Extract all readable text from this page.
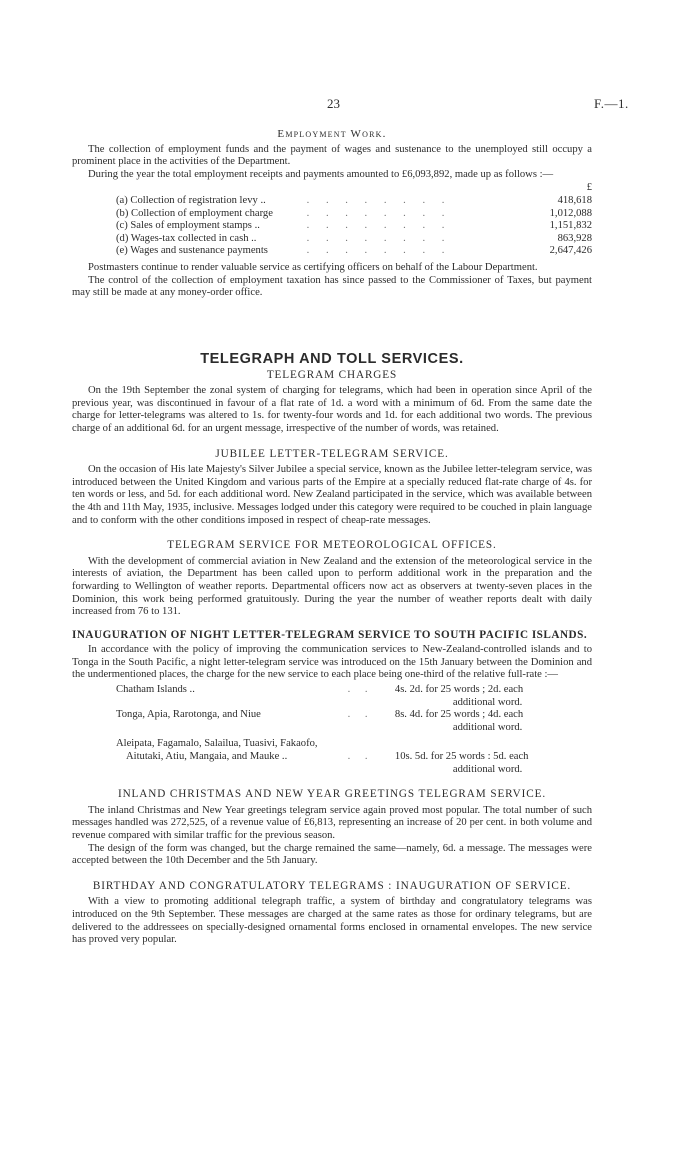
23	F.—1.
Employment Work.

The collection of employment funds and the payment of wages and sustenance to the unemployed still occupy a prominent place in the activities of the Department.

During the year the total employment receipts and payments amounted to £6,093,892, made up as follows :—

		£
(a) Collection of registration levy ..	. . . . . . . .	418,618
(b) Collection of employment charge	. . . . . . . .	1,012,088
(c) Sales of employment stamps ..	. . . . . . . .	1,151,832
(d) Wages-tax collected in cash ..	. . . . . . . .	863,928
(e) Wages and sustenance payments	. . . . . . . .	2,647,426

Postmasters continue to render valuable service as certifying officers on behalf of the Labour Department.

The control of the collection of employment taxation has since passed to the Commissioner of Taxes, but payment may still be made at any money-order office.

TELEGRAPH AND TOLL SERVICES.
TELEGRAM CHARGES

On the 19th September the zonal system of charging for telegrams, which had been in operation since April of the previous year, was discontinued in favour of a flat rate of 1d. a word with a minimum of 6d. From the same date the charge for letter-telegrams was altered to 1s. for twenty-four words and 1d. for each additional two words. The previous charge of an additional 6d. for an urgent message, irrespective of the number of words, was retained.

JUBILEE LETTER-TELEGRAM SERVICE.

On the occasion of His late Majesty's Silver Jubilee a special service, known as the Jubilee letter-telegram service, was introduced between the United Kingdom and various parts of the Empire at a specially reduced flat-rate charge of 4s. for ten words or less, and 5d. for each additional word. New Zealand participated in the service, which was available between the 4th and 11th May, 1935, inclusive. Messages lodged under this category were required to be couched in plain language and to conform with the other conditions imposed in respect of cheap-rate messages.

TELEGRAM SERVICE FOR METEOROLOGICAL OFFICES.

With the development of commercial aviation in New Zealand and the extension of the meteorological service in the interests of aviation, the Department has been called upon to perform additional work in the preparation and the forwarding to Wellington of weather reports. Departmental officers now act as observers at twenty-seven places in the Dominion, this work being performed gratuitously. During the year the number of weather reports dealt with daily increased from 76 to 131.

INAUGURATION OF NIGHT LETTER-TELEGRAM SERVICE TO SOUTH PACIFIC ISLANDS.

In accordance with the policy of improving the communication services to New-Zealand-controlled islands and to Tonga in the South Pacific, a night letter-telegram service was introduced on the 15th January between the Dominion and the undermentioned places, the charge for the new service to each place being one-third of the relative full-rate :—

Chatham Islands ..	. .	4s. 2d. for 25 words ; 2d. each
additional word.
Tonga, Apia, Rarotonga, and Niue	. .	8s. 4d. for 25 words ; 4d. each
additional word.
Aleipata, Fagamalo, Salailua, Tuasivi, Fakaofo,
Aitutaki, Atiu, Mangaia, and Mauke ..	. .
	10s. 5d. for 25 words : 5d. each
additional word.
INLAND CHRISTMAS AND NEW YEAR GREETINGS TELEGRAM SERVICE.

The inland Christmas and New Year greetings telegram service again proved most popular. The total number of such messages handled was 272,525, of a revenue value of £6,813, representing an increase of 20 per cent. in both volume and revenue compared with similar traffic for the previous season.

The design of the form was changed, but the charge remained the same—namely, 6d. a message. The messages were accepted between the 10th December and the 5th January.

BIRTHDAY AND CONGRATULATORY TELEGRAMS : INAUGURATION OF SERVICE.

With a view to promoting additional telegraph traffic, a system of birthday and congratulatory telegrams was introduced on the 9th September. These messages are charged at the same rates as those for ordinary telegrams, but are delivered to the addressees on specially-designed ornamental forms enclosed in ornamental envelopes. The new service has proved very popular.
